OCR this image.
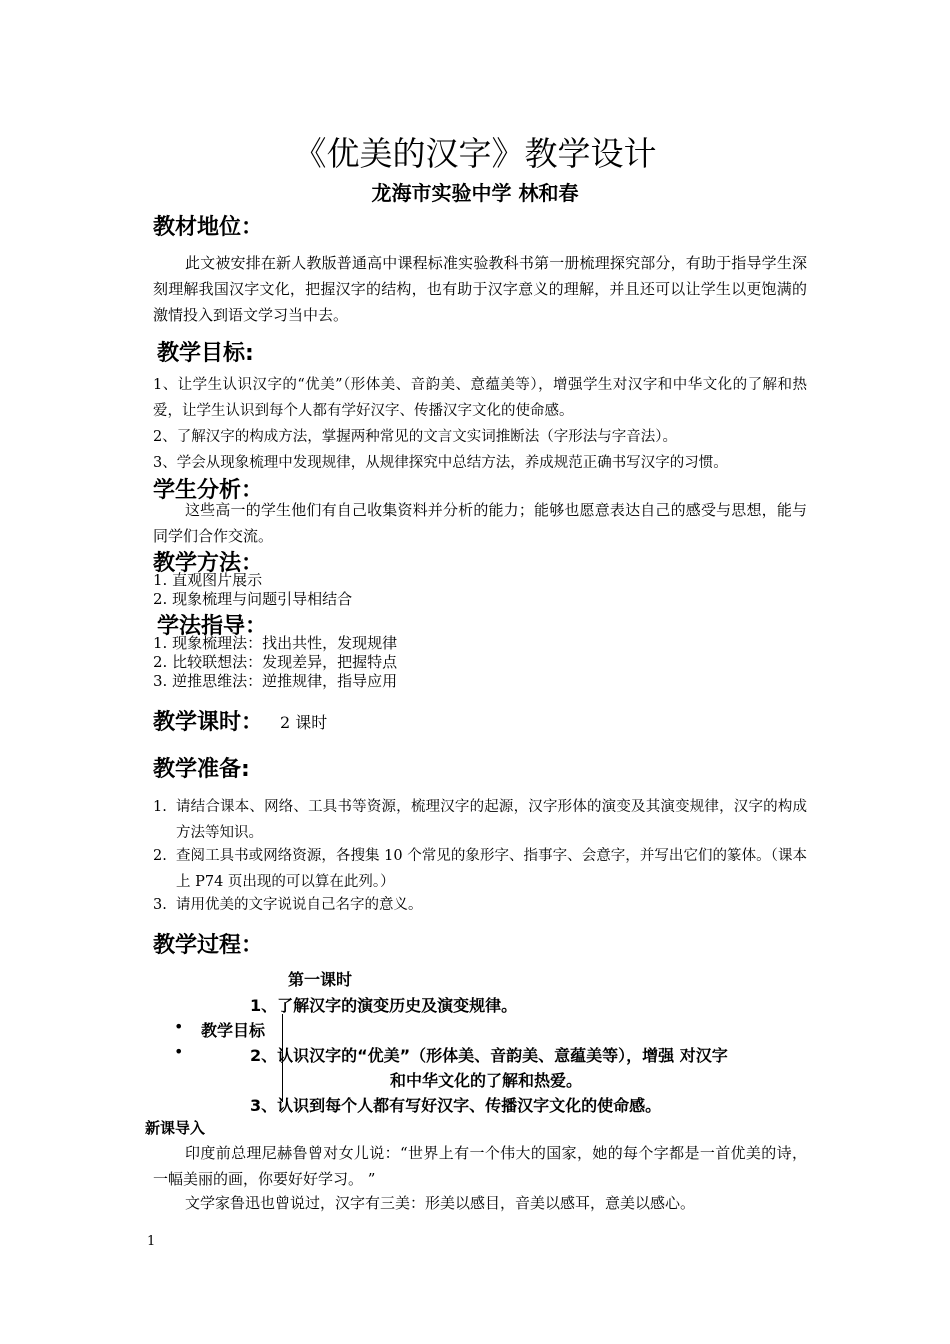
《优美的汉字》教学设计
龙海市实验中学 林和春
教材地位：
此文被安排在新人教版普通高中课程标准实验教科书第一册梳理探究部分，有助于指导学生深刻理解我国汉字文化，把握汉字的结构，也有助于汉字意义的理解，并且还可以让学生以更饱满的激情投入到语文学习当中去。
教学目标:
1、让学生认识汉字的“优美”（形体美、音韵美、意蕴美等），增强学生对汉字和中华文化的了解和热爱，让学生认识到每个人都有学好汉字、传播汉字文化的使命感。
2、了解汉字的构成方法，掌握两种常见的文言文实词推断法（字形法与字音法）。
3、学会从现象梳理中发现规律，从规律探究中总结方法，养成规范正确书写汉字的习惯。
学生分析：
这些高一的学生他们有自己收集资料并分析的能力；能够也愿意表达自己的感受与思想，能与同学们合作交流。
教学方法：
1. 直观图片展示
2. 现象梳理与问题引导相结合
学法指导：
1. 现象梳理法：找出共性，发现规律
2. 比较联想法：发现差异，把握特点
3. 逆推思维法：逆推规律，指导应用
教学课时： 2 课时
教学准备:
1. 请结合课本、网络、工具书等资源，梳理汉字的起源，汉字形体的演变及其演变规律，汉字的构成方法等知识。
2. 查阅工具书或网络资源，各搜集 10 个常见的象形字、指事字、会意字，并写出它们的篆体。（课本上 P74 页出现的可以算在此列。）
3. 请用优美的文字说说自己名字的意义。
教学过程：
第一课时
1、了解汉字的演变历史及演变规律。
• 教学目标
•	2、认识汉字的“优美”（形体美、音韵美、意蕴美等），增强 对汉字
和中华文化的了解和热爱。
3、认识到每个人都有写好汉字、传播汉字文化的使命感。
新课导入
印度前总理尼赫鲁曾对女儿说：“世界上有一个伟大的国家，她的每个字都是一首优美的诗，一幅美丽的画，你要好好学习。 ”
文学家鲁迅也曾说过，汉字有三美：形美以感目，音美以感耳，意美以感心。
1
